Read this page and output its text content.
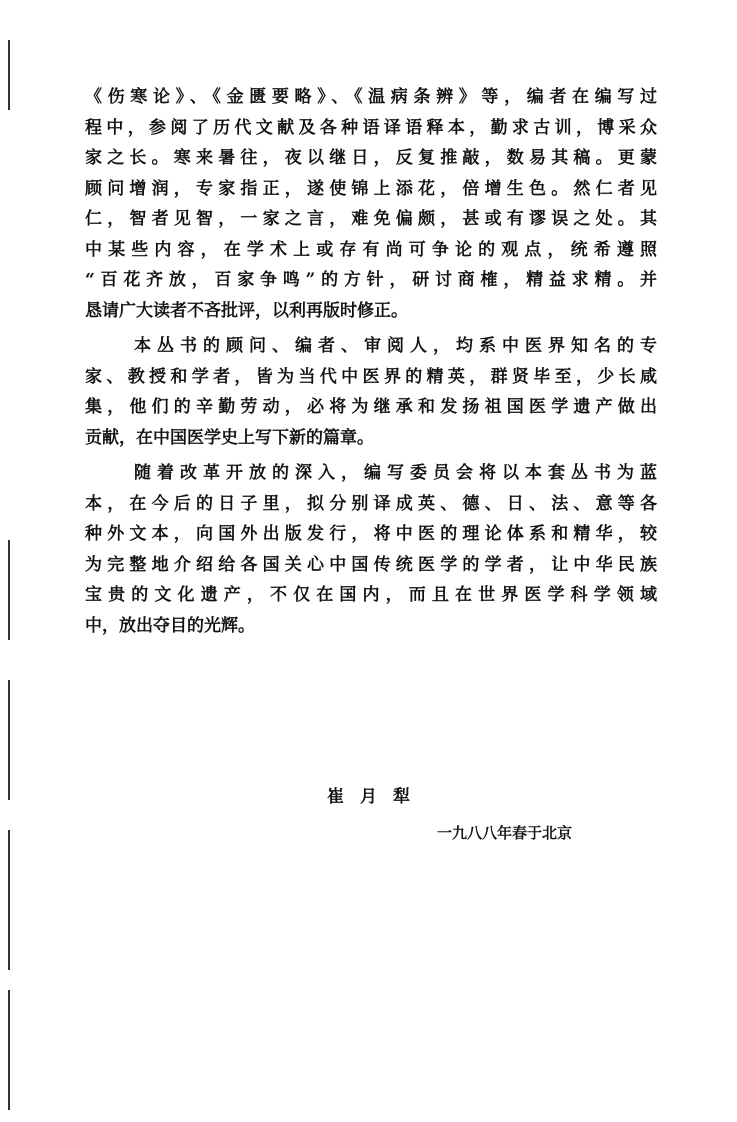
《伤寒论》、《金匮要略》、《温病条辨》等，编者在编写过
程中，参阅了历代文献及各种语译语释本，勤求古训，博采众
家之长。寒来暑往，夜以继日，反复推敲，数易其稿。更蒙
顾问增润，专家指正，遂使锦上添花，倍增生色。然仁者见
仁，智者见智，一家之言，难免偏颇，甚或有谬误之处。其
中某些内容，在学术上或存有尚可争论的观点，统希遵照
“百花齐放，百家争鸣”的方针，研讨商榷，精益求精。并
恳请广大读者不吝批评，以利再版时修正。
本丛书的顾问、编者、审阅人，均系中医界知名的专
家、教授和学者，皆为当代中医界的精英，群贤毕至，少长咸
集，他们的辛勤劳动，必将为继承和发扬祖国医学遗产做出
贡献，在中国医学史上写下新的篇章。
随着改革开放的深入，编写委员会将以本套丛书为蓝
本，在今后的日子里，拟分别译成英、德、日、法、意等各
种外文本，向国外出版发行，将中医的理论体系和精华，较
为完整地介绍给各国关心中国传统医学的学者，让中华民族
宝贵的文化遗产，不仅在国内，而且在世界医学科学领域
中，放出夺目的光辉。
崔月犁
一九八八年春于北京
